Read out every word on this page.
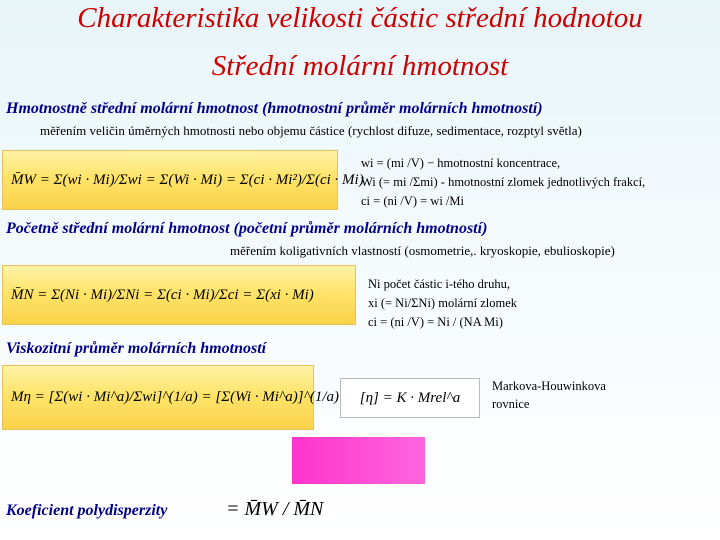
Charakteristika velikosti částic střední hodnotou
Střední molární hmotnost
Hmotnostně střední molární hmotnost (hmotnostní průměr molárních hmotností)
měřením veličin úměrných hmotnosti nebo objemu částice (rychlost difuze, sedimentace, rozptyl světla)
M̄W = Σ(wi · Mi)/Σwi = Σ(Wi · Mi) = Σ(ci · Mi²)/Σ(ci · Mi)
wi = (mi /V) − hmotnostní koncentrace,
Wi (= mi /Σmi) - hmotnostní zlomek jednotlivých frakcí,
ci = (ni /V) = wi /Mi
Početně střední molární hmotnost (početní průměr molárních hmotností)
měřením koligativních vlastností (osmometrie,. kryoskopie, ebulioskopie)
M̄N = Σ(Ni · Mi)/ΣNi = Σ(ci · Mi)/Σci = Σ(xi · Mi)
Ni počet částic i-tého druhu,
xi (= Ni/ΣNi) molární zlomek
ci = (ni /V) = Ni / (NA Mi)
Viskozitní průměr molárních hmotností
Mη = [Σ(wi · Mi^a)/Σwi]^(1/a) = [Σ(Wi · Mi^a)]^(1/a) [η] = K · Mrel^a
Markova-Houwinkova
rovnice
Koeficient polydisperzity	= M̄W / M̄N
